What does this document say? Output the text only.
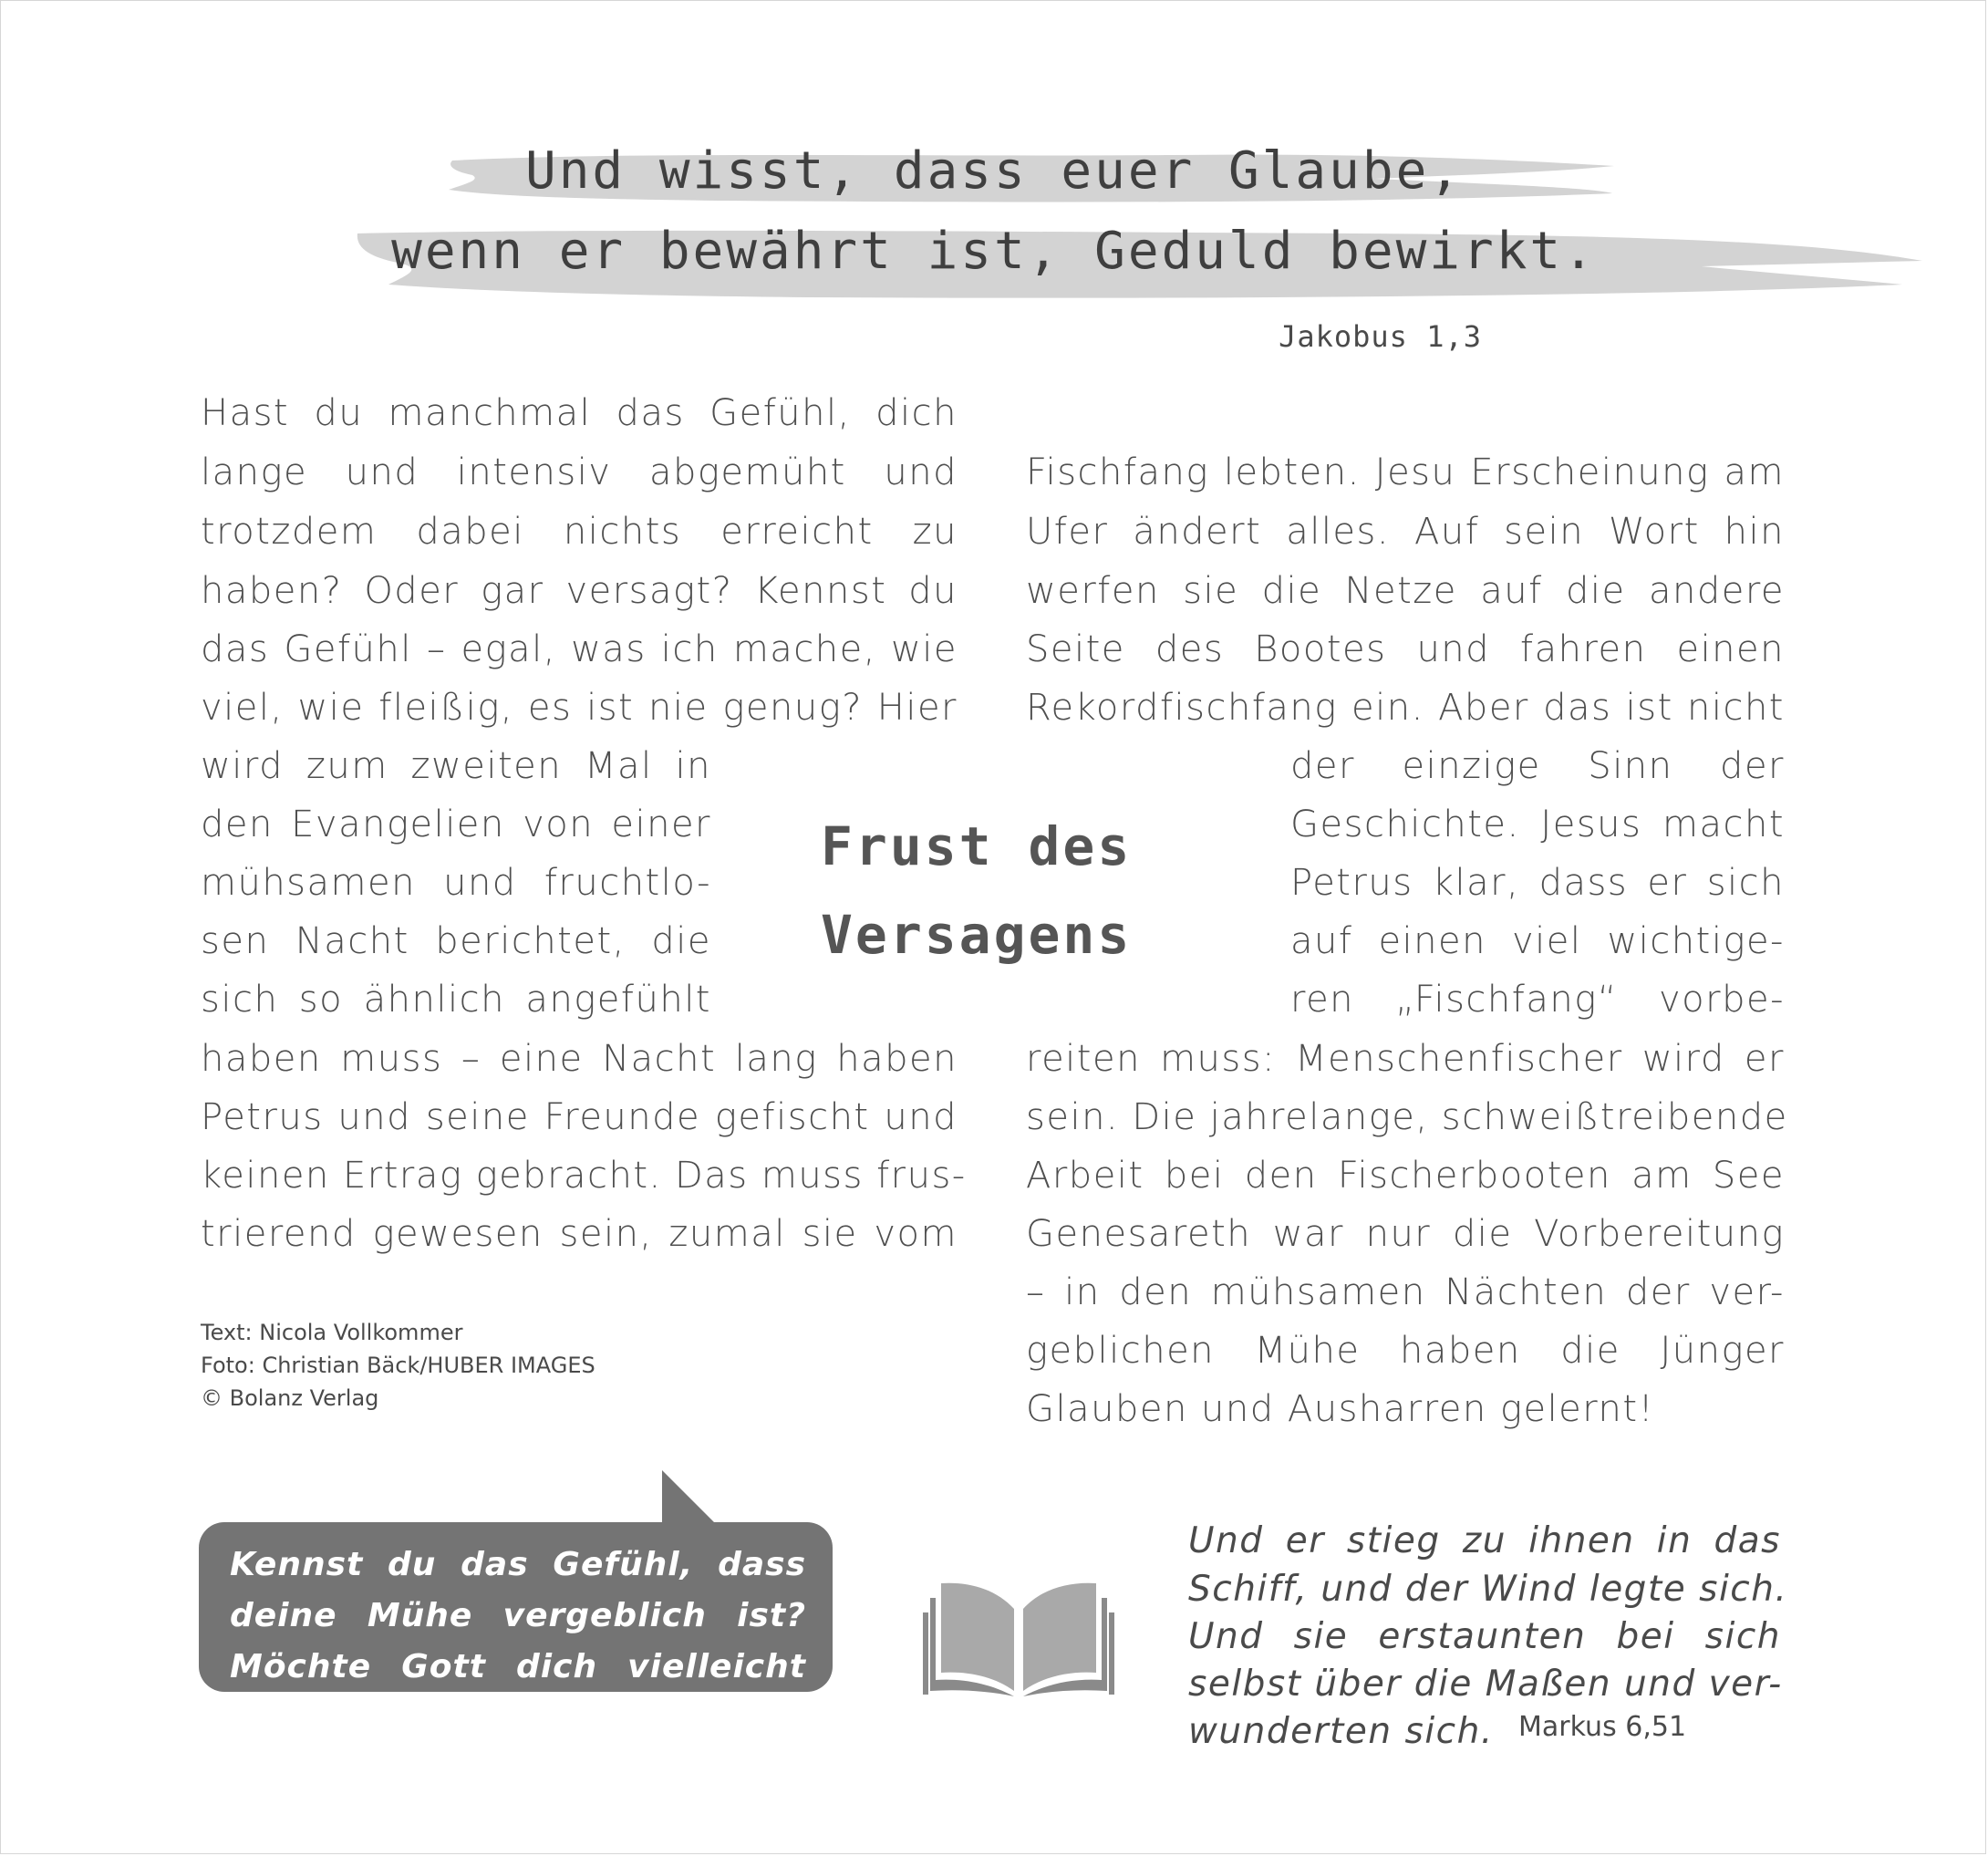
Und wisst, dass euer Glaube,
wenn er bewährt ist, Geduld bewirkt.
Jakobus 1,3
Hast du manchmal das Gefühl, dich
lange und intensiv abgemüht und
trotzdem dabei nichts erreicht zu
haben? Oder gar versagt? Kennst du
das Gefühl – egal, was ich mache, wie
viel, wie fleißig, es ist nie genug? Hier
wird zum zweiten Mal in
den Evangelien von einer
mühsamen und fruchtlo-
sen Nacht berichtet, die
sich so ähnlich angefühlt
haben muss – eine Nacht lang haben
Petrus und seine Freunde gefischt und
keinen Ertrag gebracht. Das muss frus-
trierend gewesen sein, zumal sie vom
Frust des
Versagens
Fischfang lebten. Jesu Erscheinung am
Ufer ändert alles. Auf sein Wort hin
werfen sie die Netze auf die andere
Seite des Bootes und fahren einen
Rekordfischfang ein. Aber das ist nicht
der einzige Sinn der
Geschichte. Jesus macht
Petrus klar, dass er sich
auf einen viel wichtige-
ren „Fischfang“ vorbe-
reiten muss: Menschenfischer wird er
sein. Die jahrelange, schweißtreibende
Arbeit bei den Fischerbooten am See
Genesareth war nur die Vorbereitung
– in den mühsamen Nächten der ver-
geblichen Mühe haben die Jünger
Glauben und Ausharren gelernt!
Text: Nicola Vollkommer
Foto: Christian Bäck/HUBER IMAGES
© Bolanz Verlag
Kennst du das Gefühl, dass
deine Mühe vergeblich ist?
Möchte Gott dich vielleicht
Glaube und Ausharren lehren?
Und er stieg zu ihnen in das
Schiff, und der Wind legte sich.
Und sie erstaunten bei sich
selbst über die Maßen und ver-
wunderten sich. Markus 6,51
